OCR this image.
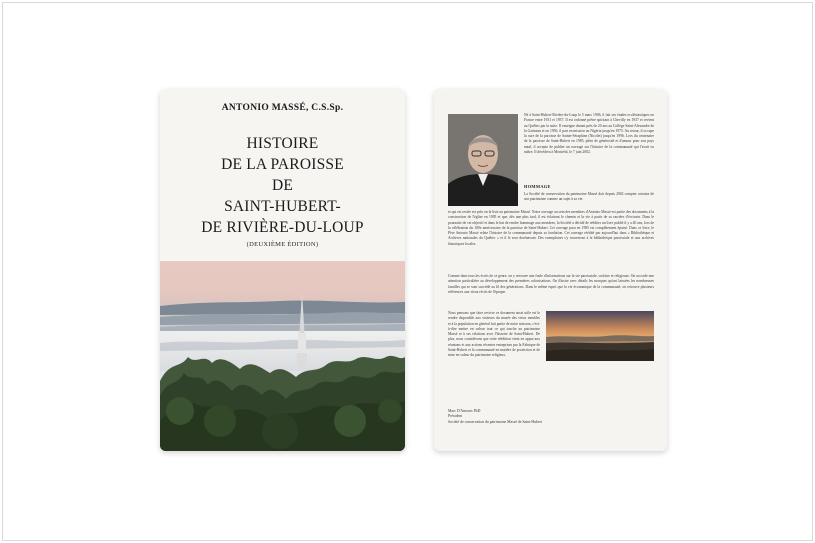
ANTONIO MASSÉ, C.S.Sp.
HISTOIRE
DE LA PAROISSE
DE
SAINT-HUBERT-
DE RIVIÈRE-DU-LOUP
(DEUXIÈME ÉDITION)
Né à Saint-Hubert-Rivière-du-Loup le 5 mars 1906, il fait ses études ecclésiastiques en France entre 1931 et 1937. Il est ordonné prêtre spiritain à Chevilly en 1937 et revient au Québec par la suite. Il enseigne durant près de 20 ans au Collège Saint-Alexandre de la Gatineau et en 1956, il part en mission au Nigéria jusqu'en 1975. Au retour, il occupe la cure de la paroisse de Sainte-Séraphine (Nicolet) jusqu'en 1996. Lors du centenaire de la paroisse de Saint-Hubert en 1985, plein de générosité et d'amour pour son pays natal, il accepte de publier un ouvrage sur l'histoire de la communauté qui l'avait vu naître. Il décédera à Montréal, le 7 juin 2002.
HOMMAGE
La Société de conservation du patrimoine Massé doit depuis 2002 compter certains de son patrimoine comme un sujet à sa vie.
et qui est restée est près on la liste au patrimoine Massé. Notre ouvrage au sein des membres d'Antonio Massé est partie des documents à la construction de l'église en 1905 et que, dès une plus tard, il est éclairant le chemin et la vie à partir de sa carrière d'écrivain. Dans le poursuite de cet objectif et dans le but de rendre hommage aux membres, la Société a décidé de rééditer un livre publié il y a 40 ans, lors de la célébration du 100e anniversaire de la paroisse de Saint-Hubert. Cet ouvrage paru en 1985 est complètement épuisé. Dans ce livre, le Père Antonio Massé relate l'histoire de la communauté depuis sa fondation. Cet ouvrage réédité par aujourd'hui dans « Bibliothèque et Archives nationales du Québec » et il le sera dorénavant. Des exemplaires s'y trouveront à la bibliothèque paroissiale et aux archives historiques locales.
Comme dans tous les écrits de ce genre, on y retrouve une foule d'informations sur la vie paroissiale, scolaire et religieuse. On accorde une attention particulière au développement des premières colonisations. On illustre avec détails les marques qu'ont laissées les nombreuses familles qui se sont succédé au fil des générations. Dans le même esprit que la vie économique de la communauté, on retrouve plusieurs références aux vieux récits de l'époque.
Nous pensons que faire revivre ce document aussi utile est le rendre disponible aux visiteurs du musée des vieux meubles et à la population en général fait partie de notre mission, c'est-à-dire mettre en valeur tout ce qui touche au patrimoine Massé et à ses relations avec l'histoire de Saint-Hubert. De plus, nous considérons que cette réédition vient en appui aux réunions et aux actions récentes entreprises par la Fabrique de Saint-Hubert et la communauté en matière de protection et de mise en valeur du patrimoine religieux.
Marc D'Amours PhD
Président
Société de conservation du patrimoine Massé de Saint-Hubert
